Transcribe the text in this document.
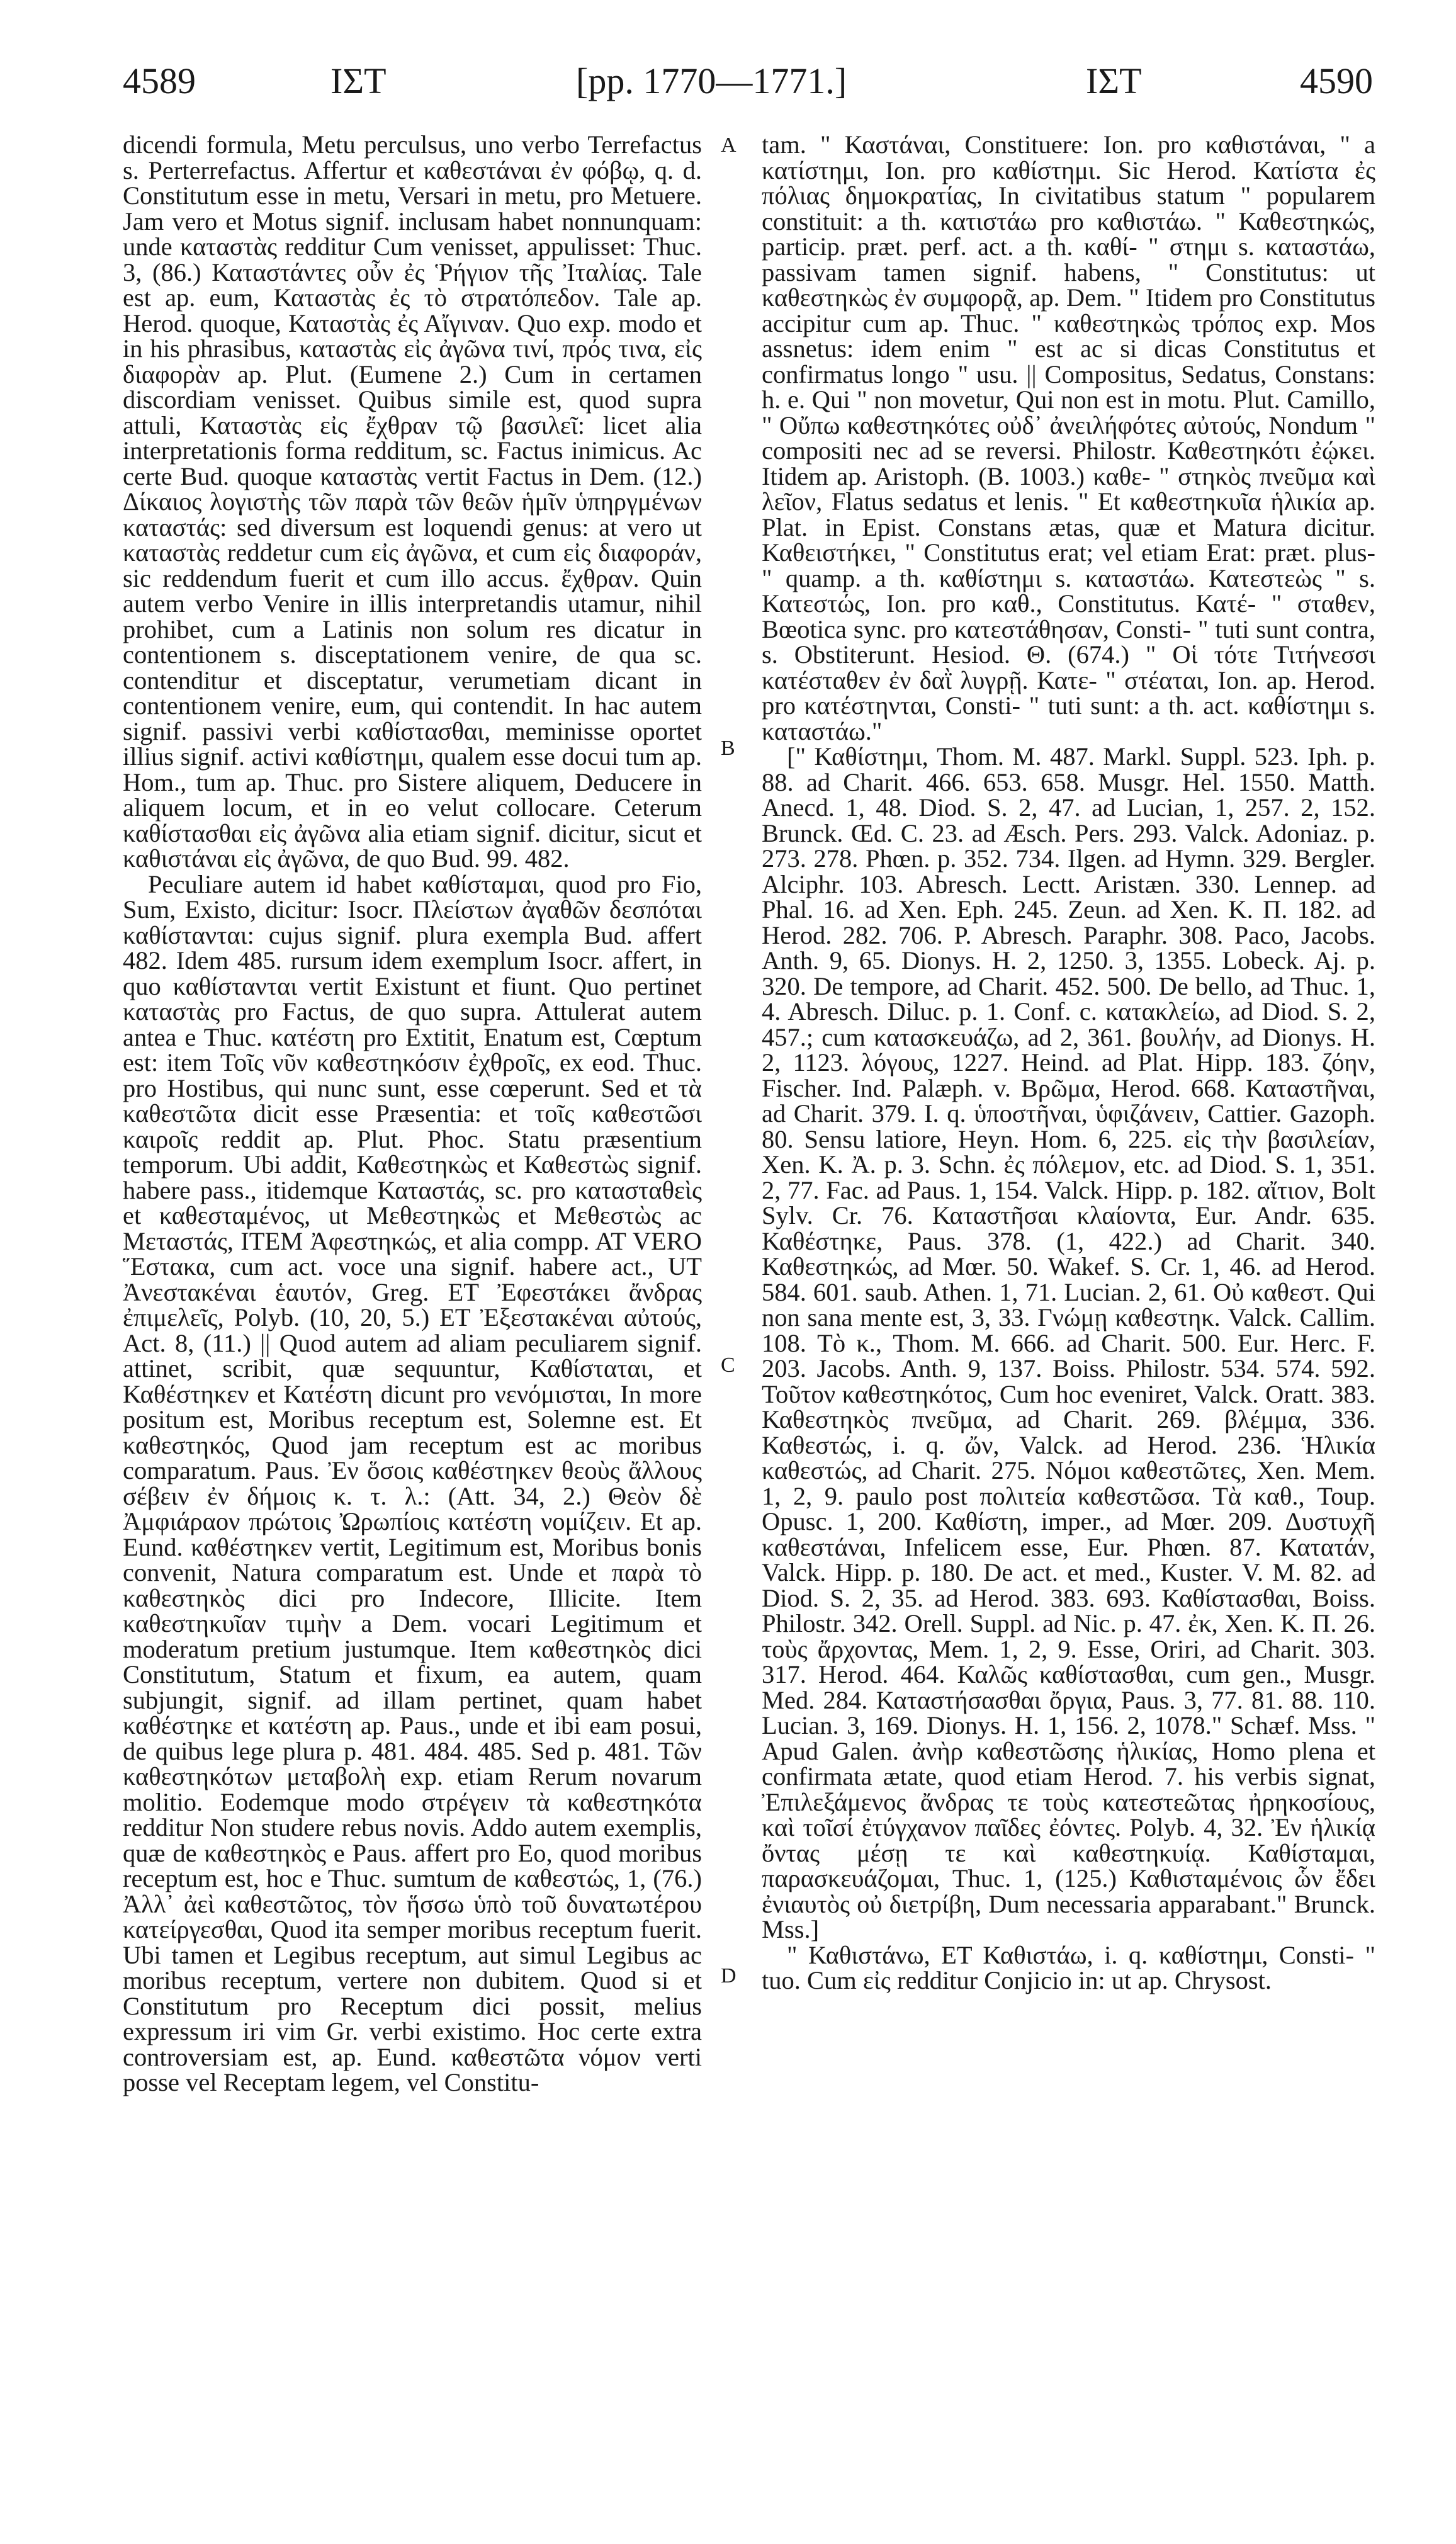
4589	ΙΣΤ	[pp. 1770—1771.]	ΙΣΤ	4590
A
B
C
D

dicendi formula, Metu perculsus, uno verbo Terrefactus s. Perterrefactus. Affertur et καθεστάναι ἐν φόβῳ, q. d. Constitutum esse in metu, Versari in metu, pro Metuere. Jam vero et Motus signif. inclusam habet nonnunquam: unde καταστὰς redditur Cum venisset, appulisset: Thuc. 3, (86.) Καταστάντες οὖν ἐς Ῥήγιον τῆς Ἰταλίας. Tale est ap. eum, Καταστὰς ἐς τὸ στρατόπεδον. Tale ap. Herod. quoque, Καταστὰς ἐς Αἴγιναν. Quo exp. modo et in his phrasibus, καταστὰς εἰς ἀγῶνα τινί, πρός τινα, εἰς διαφορὰν ap. Plut. (Eumene 2.) Cum in certamen discordiam venisset. Quibus simile est, quod supra attuli, Καταστὰς εἰς ἔχθραν τῷ βασιλεῖ: licet alia interpretationis forma redditum, sc. Factus inimicus. Ac certe Bud. quoque καταστὰς vertit Factus in Dem. (12.) Δίκαιος λογιστὴς τῶν παρὰ τῶν θεῶν ἡμῖν ὑπηργμένων καταστάς: sed diversum est loquendi genus: at vero ut καταστὰς reddetur cum εἰς ἀγῶνα, et cum εἰς διαφοράν, sic reddendum fuerit et cum illo accus. ἔχθραν. Quin autem verbo Venire in illis interpretandis utamur, nihil prohibet, cum a Latinis non solum res dicatur in contentionem s. disceptationem venire, de qua sc. contenditur et disceptatur, verumetiam dicant in contentionem venire, eum, qui contendit. In hac autem signif. passivi verbi καθίστασθαι, meminisse oportet illius signif. activi καθίστημι, qualem esse docui tum ap. Hom., tum ap. Thuc. pro Sistere aliquem, Deducere in aliquem locum, et in eo velut collocare. Ceterum καθίστασθαι εἰς ἀγῶνα alia etiam signif. dicitur, sicut et καθιστάναι εἰς ἀγῶνα, de quo Bud. 99. 482.

Peculiare autem id habet καθίσταμαι, quod pro Fio, Sum, Existo, dicitur: Isocr. Πλείστων ἀγαθῶν δεσπόται καθίστανται: cujus signif. plura exempla Bud. affert 482. Idem 485. rursum idem exemplum Isocr. affert, in quo καθίστανται vertit Existunt et fiunt. Quo pertinet καταστὰς pro Factus, de quo supra. Attulerat autem antea e Thuc. κατέστη pro Extitit, Enatum est, Cœptum est: item Τοῖς νῦν καθεστηκόσιν ἐχθροῖς, ex eod. Thuc. pro Hostibus, qui nunc sunt, esse cœperunt. Sed et τὰ καθεστῶτα dicit esse Præsentia: et τοῖς καθεστῶσι καιροῖς reddit ap. Plut. Phoc. Statu præsentium temporum. Ubi addit, Καθεστηκὼς et Καθεστὼς signif. habere pass., itidemque Καταστάς, sc. pro κατασταθεὶς et καθεσταμένος, ut Μεθεστηκὼς et Μεθεστὼς ac Μεταστάς, ITEM Ἀφεστηκώς, et alia compp. AT VERO Ἕστακα, cum act. voce una signif. habere act., UT Ἀνεστακέναι ἑαυτόν, Greg. ET Ἐφεστάκει ἄνδρας ἐπιμελεῖς, Polyb. (10, 20, 5.) ET Ἐξεστακέναι αὐτούς, Act. 8, (11.) || Quod autem ad aliam peculiarem signif. attinet, scribit, quæ sequuntur, Καθίσταται, et Καθέστηκεν et Κατέστη dicunt pro νενόμισται, In more positum est, Moribus receptum est, Solemne est. Et καθεστηκός, Quod jam receptum est ac moribus comparatum. Paus. Ἐν ὅσοις καθέστηκεν θεοὺς ἄλλους σέβειν ἐν δήμοις κ. τ. λ.: (Att. 34, 2.) Θεὸν δὲ Ἀμφιάραον πρώτοις Ὠρωπίοις κατέστη νομίζειν. Et ap. Eund. καθέστηκεν vertit, Legitimum est, Moribus bonis convenit, Natura comparatum est. Unde et παρὰ τὸ καθεστηκὸς dici pro Indecore, Illicite. Item καθεστηκυῖαν τιμὴν a Dem. vocari Legitimum et moderatum pretium justumque. Item καθεστηκὸς dici Constitutum, Statum et fixum, ea autem, quam subjungit, signif. ad illam pertinet, quam habet καθέστηκε et κατέστη ap. Paus., unde et ibi eam posui, de quibus lege plura p. 481. 484. 485. Sed p. 481. Τῶν καθεστηκότων μεταβολὴ exp. etiam Rerum novarum molitio. Eodemque modo στρέγειν τὰ καθεστηκότα redditur Non studere rebus novis. Addo autem exemplis, quæ de καθεστηκὸς e Paus. affert pro Eo, quod moribus receptum est, hoc e Thuc. sumtum de καθεστώς, 1, (76.) Ἀλλ᾽ ἀεὶ καθεστῶτος, τὸν ἥσσω ὑπὸ τοῦ δυνατωτέρου κατείργεσθαι, Quod ita semper moribus receptum fuerit. Ubi tamen et Legibus receptum, aut simul Legibus ac moribus receptum, vertere non dubitem. Quod si et Constitutum pro Receptum dici possit, melius expressum iri vim Gr. verbi existimo. Hoc certe extra controversiam est, ap. Eund. καθεστῶτα νόμον verti posse vel Receptam legem, vel Constitu-

tam. " Καστάναι, Constituere: Ion. pro καθιστάναι, " a κατίστημι, Ion. pro καθίστημι. Sic Herod. Κατίστα ἐς πόλιας δημοκρατίας, In civitatibus statum " popularem constituit: a th. κατιστάω pro καθιστάω. " Καθεστηκώς, particip. præt. perf. act. a th. καθί- " στημι s. καταστάω, passivam tamen signif. habens, " Constitutus: ut καθεστηκὼς ἐν συμφορᾷ, ap. Dem. " Itidem pro Constitutus accipitur cum ap. Thuc. " καθεστηκὼς τρόπος exp. Mos assnetus: idem enim " est ac si dicas Constitutus et confirmatus longo " usu. || Compositus, Sedatus, Constans: h. e. Qui " non movetur, Qui non est in motu. Plut. Camillo, " Οὔπω καθεστηκότες οὐδ᾽ ἀνειλήφότες αὐτούς, Nondum " compositi nec ad se reversi. Philostr. Καθεστηκότι ἐῴκει. Itidem ap. Aristoph. (B. 1003.) καθε- " στηκὸς πνεῦμα καὶ λεῖον, Flatus sedatus et lenis. " Et καθεστηκυῖα ἡλικία ap. Plat. in Epist. Constans ætas, quæ et Matura dicitur. Καθειστήκει, " Constitutus erat; vel etiam Erat: præt. plus- " quamp. a th. καθίστημι s. καταστάω. Κατεστεὼς " s. Κατεστώς, Ion. pro καθ., Constitutus. Κατέ- " σταθεν, Bœotica sync. pro κατεστάθησαν, Consti- " tuti sunt contra, s. Obstiterunt. Hesiod. Θ. (674.) " Οἱ τότε Τιτήνεσσι κατέσταθεν ἐν δαῒ λυγρῇ. Κατε- " στέαται, Ion. ap. Herod. pro κατέστηνται, Consti- " tuti sunt: a th. act. καθίστημι s. καταστάω."

[" Καθίστημι, Thom. M. 487. Markl. Suppl. 523. Iph. p. 88. ad Charit. 466. 653. 658. Musgr. Hel. 1550. Matth. Anecd. 1, 48. Diod. S. 2, 47. ad Lucian, 1, 257. 2, 152. Brunck. Œd. C. 23. ad Æsch. Pers. 293. Valck. Adoniaz. p. 273. 278. Phœn. p. 352. 734. Ilgen. ad Hymn. 329. Bergler. Alciphr. 103. Abresch. Lectt. Aristæn. 330. Lennep. ad Phal. 16. ad Xen. Eph. 245. Zeun. ad Xen. K. Π. 182. ad Herod. 282. 706. P. Abresch. Paraphr. 308. Paco, Jacobs. Anth. 9, 65. Dionys. H. 2, 1250. 3, 1355. Lobeck. Aj. p. 320. De tempore, ad Charit. 452. 500. De bello, ad Thuc. 1, 4. Abresch. Diluc. p. 1. Conf. c. κατακλείω, ad Diod. S. 2, 457.; cum κατασκευάζω, ad 2, 361. βουλήν, ad Dionys. H. 2, 1123. λόγους, 1227. Heind. ad Plat. Hipp. 183. ζόην, Fischer. Ind. Palæph. v. Βρῶμα, Herod. 668. Καταστῆναι, ad Charit. 379. I. q. ὑποστῆναι, ὑφιζάνειν, Cattier. Gazoph. 80. Sensu latiore, Heyn. Hom. 6, 225. εἰς τὴν βασιλείαν, Xen. K. Ἀ. p. 3. Schn. ἐς πόλεμον, etc. ad Diod. S. 1, 351. 2, 77. Fac. ad Paus. 1, 154. Valck. Hipp. p. 182. αἴτιον, Bolt Sylv. Cr. 76. Καταστῆσαι κλαίοντα, Eur. Andr. 635. Καθέστηκε, Paus. 378. (1, 422.) ad Charit. 340. Καθεστηκώς, ad Mœr. 50. Wakef. S. Cr. 1, 46. ad Herod. 584. 601. saub. Athen. 1, 71. Lucian. 2, 61. Οὐ καθεστ. Qui non sana mente est, 3, 33. Γνώμῃ καθεστηκ. Valck. Callim. 108. Τὸ κ., Thom. M. 666. ad Charit. 500. Eur. Herc. F. 203. Jacobs. Anth. 9, 137. Boiss. Philostr. 534. 574. 592. Τοῦτον καθεστηκότος, Cum hoc eveniret, Valck. Oratt. 383. Καθεστηκὸς πνεῦμα, ad Charit. 269. βλέμμα, 336. Καθεστώς, i. q. ὤν, Valck. ad Herod. 236. Ἡλικία καθεστώς, ad Charit. 275. Νόμοι καθεστῶτες, Xen. Mem. 1, 2, 9. paulo post πολιτεία καθεστῶσα. Τὰ καθ., Toup. Opusc. 1, 200. Καθίστη, imper., ad Mœr. 209. Δυστυχῆ καθεστάναι, Infelicem esse, Eur. Phœn. 87. Κατατάν, Valck. Hipp. p. 180. De act. et med., Kuster. V. M. 82. ad Diod. S. 2, 35. ad Herod. 383. 693. Καθίστασθαι, Boiss. Philostr. 342. Orell. Suppl. ad Nic. p. 47. ἐκ, Xen. K. Π. 26. τοὺς ἄρχοντας, Mem. 1, 2, 9. Esse, Oriri, ad Charit. 303. 317. Herod. 464. Καλῶς καθίστασθαι, cum gen., Musgr. Med. 284. Καταστήσασθαι ὄργια, Paus. 3, 77. 81. 88. 110. Lucian. 3, 169. Dionys. H. 1, 156. 2, 1078." Schæf. Mss. " Apud Galen. ἀνὴρ καθεστῶσης ἡλικίας, Homo plena et confirmata ætate, quod etiam Herod. 7. his verbis signat, Ἐπιλεξάμενος ἄνδρας τε τοὺς κατεστεῶτας ἠρηκοσίους, καὶ τοῖσί ἐτύγχανον παῖδες ἐόντες. Polyb. 4, 32. Ἐν ἡλικίᾳ ὄντας μέσῃ τε καὶ καθεστηκυίᾳ. Καθίσταμαι, παρασκευάζομαι, Thuc. 1, (125.) Καθισταμένοις ὧν ἔδει ἐνιαυτὸς οὐ διετρίβη, Dum necessaria apparabant." Brunck. Mss.]

" Καθιστάνω, ET Καθιστάω, i. q. καθίστημι, Consti- " tuo. Cum εἰς redditur Conjicio in: ut ap. Chrysost.
